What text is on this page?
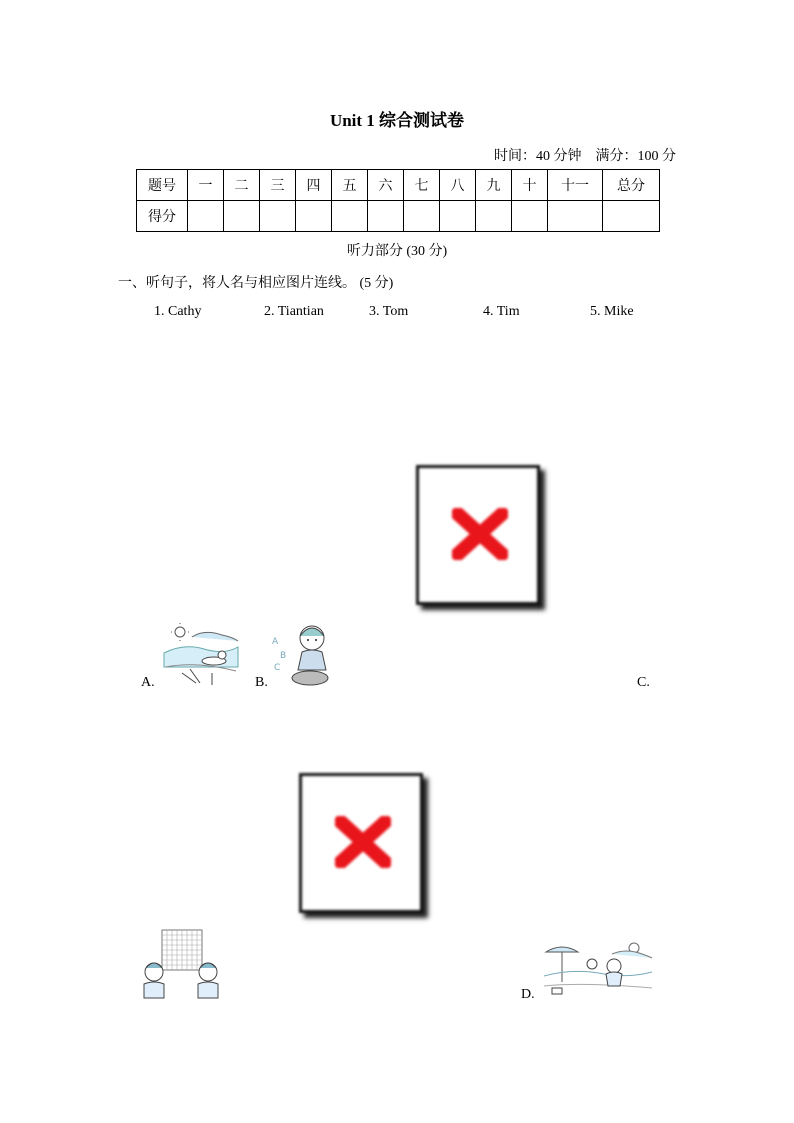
Unit 1 综合测试卷
时间：40 分钟 满分：100 分
题号	一	二	三	四	五	六	七	八	九	十	十一	总分
得分												
听力部分 (30 分)
一、听句子，将人名与相应图片连线。 (5 分)
1. Cathy	2. Tiantian	3. Tom	4. Tim	5. Mike
A.	B.
A
B
C
C.
D.
